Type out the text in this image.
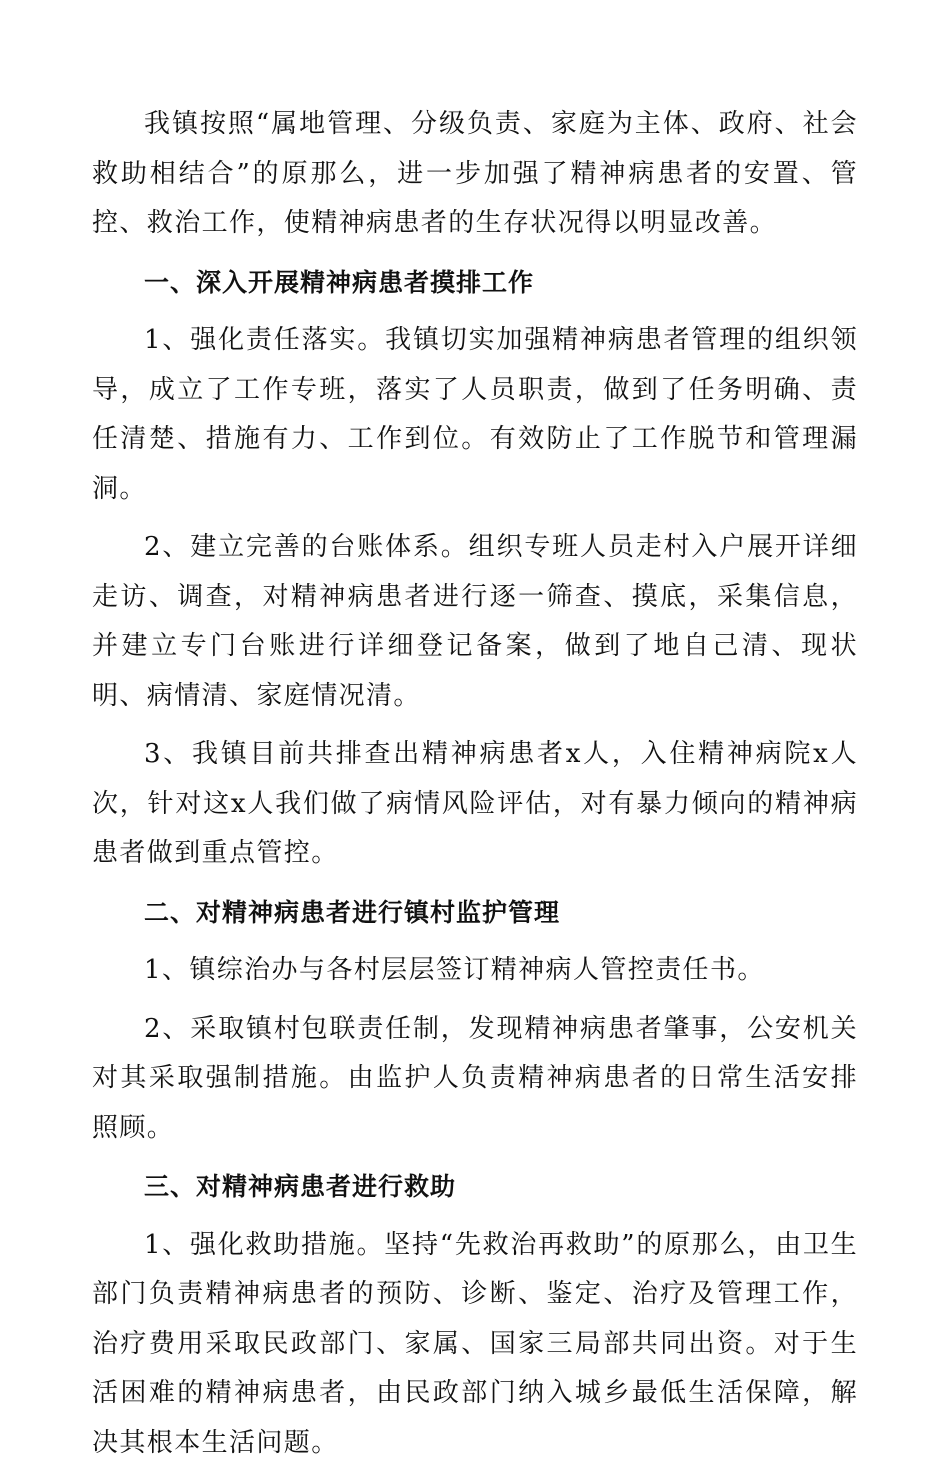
我镇按照“属地管理、分级负责、家庭为主体、政府、社会救助相结合”的原那么，进一步加强了精神病患者的安置、管控、救治工作，使精神病患者的生存状况得以明显改善。

一、深入开展精神病患者摸排工作

1、强化责任落实。我镇切实加强精神病患者管理的组织领导，成立了工作专班，落实了人员职责，做到了任务明确、责任清楚、措施有力、工作到位。有效防止了工作脱节和管理漏洞。

2、建立完善的台账体系。组织专班人员走村入户展开详细走访、调查，对精神病患者进行逐一筛查、摸底，采集信息，并建立专门台账进行详细登记备案，做到了地自己清、现状明、病情清、家庭情况清。

3、我镇目前共排查出精神病患者x人，入住精神病院x人次，针对这x人我们做了病情风险评估，对有暴力倾向的精神病患者做到重点管控。

二、对精神病患者进行镇村监护管理

1、镇综治办与各村层层签订精神病人管控责任书。

2、采取镇村包联责任制，发现精神病患者肇事，公安机关对其采取强制措施。由监护人负责精神病患者的日常生活安排照顾。

三、对精神病患者进行救助

1、强化救助措施。坚持“先救治再救助”的原那么，由卫生部门负责精神病患者的预防、诊断、鉴定、治疗及管理工作，治疗费用采取民政部门、家属、国家三局部共同出资。对于生活困难的精神病患者，由民政部门纳入城乡最低生活保障，解决其根本生活问题。
